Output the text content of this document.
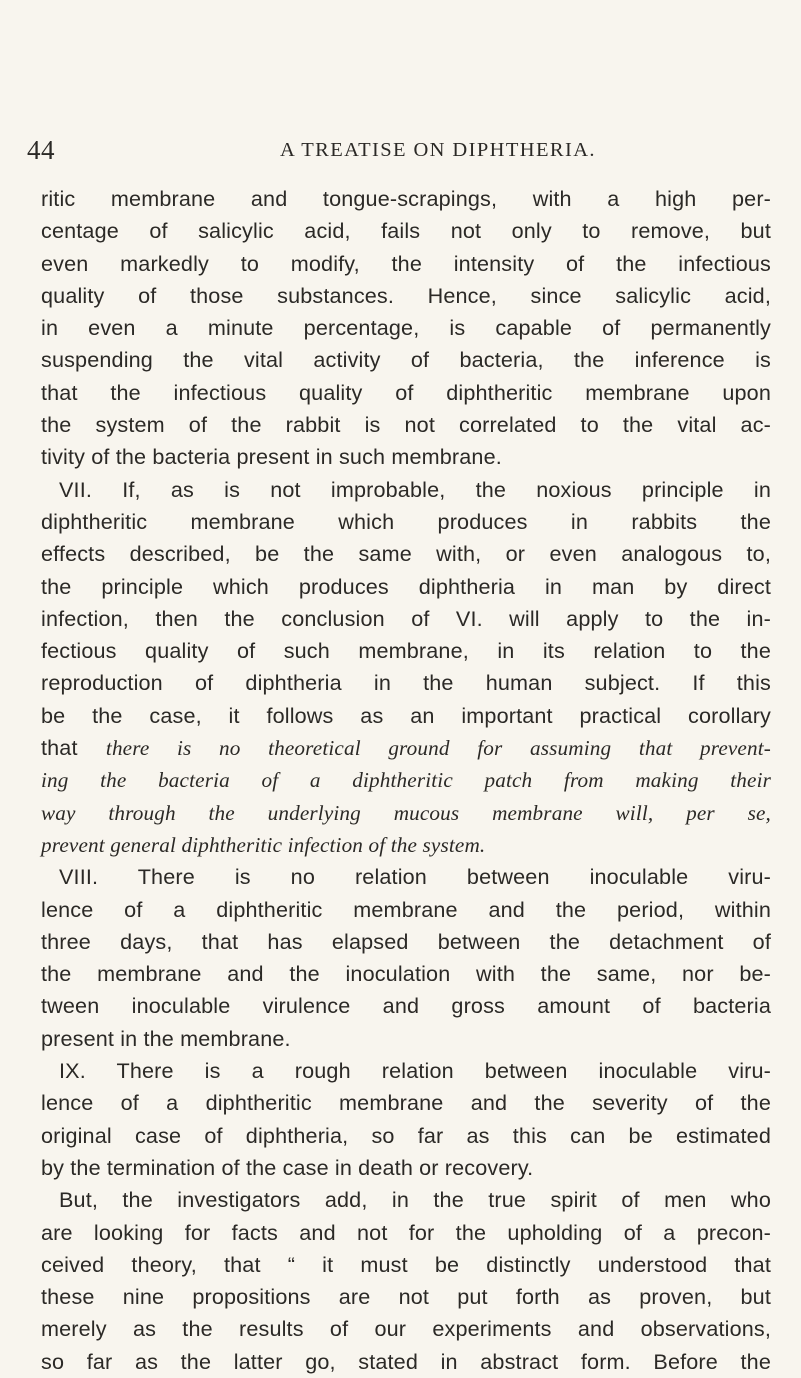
44	A TREATISE ON DIPHTHERIA.
ritic membrane and tongue-scrapings, with a high per-
centage of salicylic acid, fails not only to remove, but
even markedly to modify, the intensity of the infectious
quality of those substances. Hence, since salicylic acid,
in even a minute percentage, is capable of permanently
suspending the vital activity of bacteria, the inference is
that the infectious quality of diphtheritic membrane upon
the system of the rabbit is not correlated to the vital ac-
tivity of the bacteria present in such membrane.
VII. If, as is not improbable, the noxious principle in
diphtheritic membrane which produces in rabbits the
effects described, be the same with, or even analogous to,
the principle which produces diphtheria in man by direct
infection, then the conclusion of VI. will apply to the in-
fectious quality of such membrane, in its relation to the
reproduction of diphtheria in the human subject. If this
be the case, it follows as an important practical corollary
that there is no theoretical ground for assuming that prevent-
ing the bacteria of a diphtheritic patch from making their
way through the underlying mucous membrane will, per se,
prevent general diphtheritic infection of the system.
VIII. There is no relation between inoculable viru-
lence of a diphtheritic membrane and the period, within
three days, that has elapsed between the detachment of
the membrane and the inoculation with the same, nor be-
tween inoculable virulence and gross amount of bacteria
present in the membrane.
IX. There is a rough relation between inoculable viru-
lence of a diphtheritic membrane and the severity of the
original case of diphtheria, so far as this can be estimated
by the termination of the case in death or recovery.
But, the investigators add, in the true spirit of men who
are looking for facts and not for the upholding of a precon-
ceived theory, that “ it must be distinctly understood that
these nine propositions are not put forth as proven, but
merely as the results of our experiments and observations,
so far as the latter go, stated in abstract form. Before the
